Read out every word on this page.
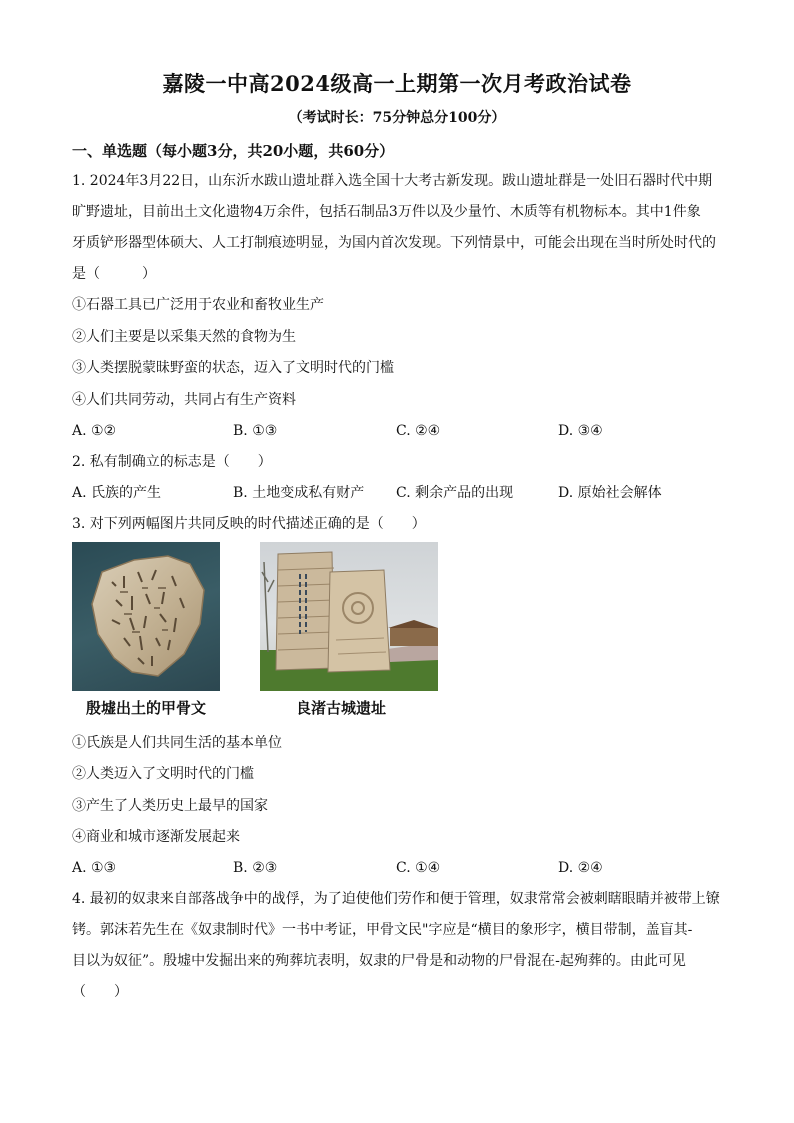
嘉陵一中高2024级高一上期第一次月考政治试卷
（考试时长：75分钟总分100分）
一、单选题（每小题3分，共20小题，共60分）
1. 2024年3月22日，山东沂水跋山遗址群入选全国十大考古新发现。跋山遗址群是一处旧石器时代中期
旷野遗址，目前出土文化遗物4万余件，包括石制品3万件以及少量竹、木质等有机物标本。其中1件象
牙质铲形器型体硕大、人工打制痕迹明显，为国内首次发现。下列情景中，可能会出现在当时所处时代的
是（　　　）
①石器工具已广泛用于农业和畜牧业生产
②人们主要是以采集天然的食物为生
③人类摆脱蒙昧野蛮的状态，迈入了文明时代的门槛
④人们共同劳动，共同占有生产资料
A. ①②	B. ①③	C. ②④	D. ③④
2. 私有制确立的标志是（　　）
A. 氏族的产生	B. 土地变成私有财产 C. 剩余产品的出现	D. 原始社会解体
3. 对下列两幅图片共同反映的时代描述正确的是（　　）
殷墟出土的甲骨文	良渚古城遗址
①氏族是人们共同生活的基本单位
②人类迈入了文明时代的门槛
③产生了人类历史上最早的国家
④商业和城市逐渐发展起来
A. ①③	B. ②③	C. ①④	D. ②④
4. 最初的奴隶来自部落战争中的战俘，为了迫使他们劳作和便于管理，奴隶常常会被刺瞎眼睛并被带上镣
铐。郭沫若先生在《奴隶制时代》一书中考证，甲骨文民"字应是“横目的象形字，横目带制，盖盲其-
目以为奴征”。殷墟中发掘出来的殉葬坑表明，奴隶的尸骨是和动物的尸骨混在-起殉葬的。由此可见
（　　）
